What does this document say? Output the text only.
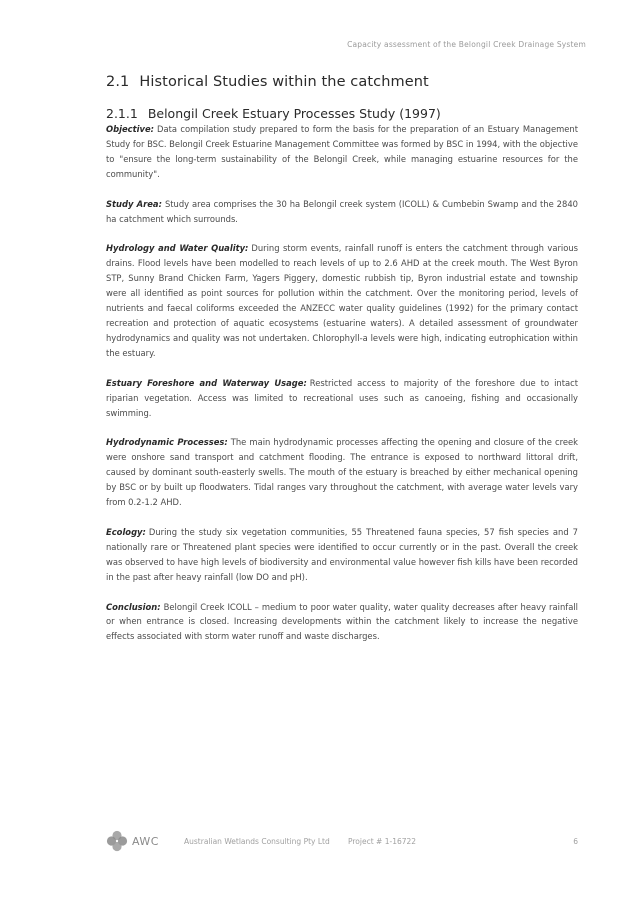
Capacity assessment of the Belongil Creek Drainage System
2.1 Historical Studies within the catchment
2.1.1 Belongil Creek Estuary Processes Study (1997)

Objective: Data compilation study prepared to form the basis for the preparation of an Estuary Management Study for BSC. Belongil Creek Estuarine Management Committee was formed by BSC in 1994, with the objective to "ensure the long-term sustainability of the Belongil Creek, while managing estuarine resources for the community".

Study Area: Study area comprises the 30 ha Belongil creek system (ICOLL) & Cumbebin Swamp and the 2840 ha catchment which surrounds.

Hydrology and Water Quality: During storm events, rainfall runoff is enters the catchment through various drains. Flood levels have been modelled to reach levels of up to 2.6 AHD at the creek mouth. The West Byron STP, Sunny Brand Chicken Farm, Yagers Piggery, domestic rubbish tip, Byron industrial estate and township were all identified as point sources for pollution within the catchment. Over the monitoring period, levels of nutrients and faecal coliforms exceeded the ANZECC water quality guidelines (1992) for the primary contact recreation and protection of aquatic ecosystems (estuarine waters). A detailed assessment of groundwater hydrodynamics and quality was not undertaken. Chlorophyll-a levels were high, indicating eutrophication within the estuary.

Estuary Foreshore and Waterway Usage: Restricted access to majority of the foreshore due to intact riparian vegetation. Access was limited to recreational uses such as canoeing, fishing and occasionally swimming.

Hydrodynamic Processes: The main hydrodynamic processes affecting the opening and closure of the creek were onshore sand transport and catchment flooding. The entrance is exposed to northward littoral drift, caused by dominant south-easterly swells. The mouth of the estuary is breached by either mechanical opening by BSC or by built up floodwaters. Tidal ranges vary throughout the catchment, with average water levels vary from 0.2-1.2 AHD.

Ecology: During the study six vegetation communities, 55 Threatened fauna species, 57 fish species and 7 nationally rare or Threatened plant species were identified to occur currently or in the past. Overall the creek was observed to have high levels of biodiversity and environmental value however fish kills have been recorded in the past after heavy rainfall (low DO and pH).

Conclusion: Belongil Creek ICOLL – medium to poor water quality, water quality decreases after heavy rainfall or when entrance is closed. Increasing developments within the catchment likely to increase the negative effects associated with storm water runoff and waste discharges.

AWC	Australian Wetlands Consulting Pty Ltd Project # 1-16722	6
